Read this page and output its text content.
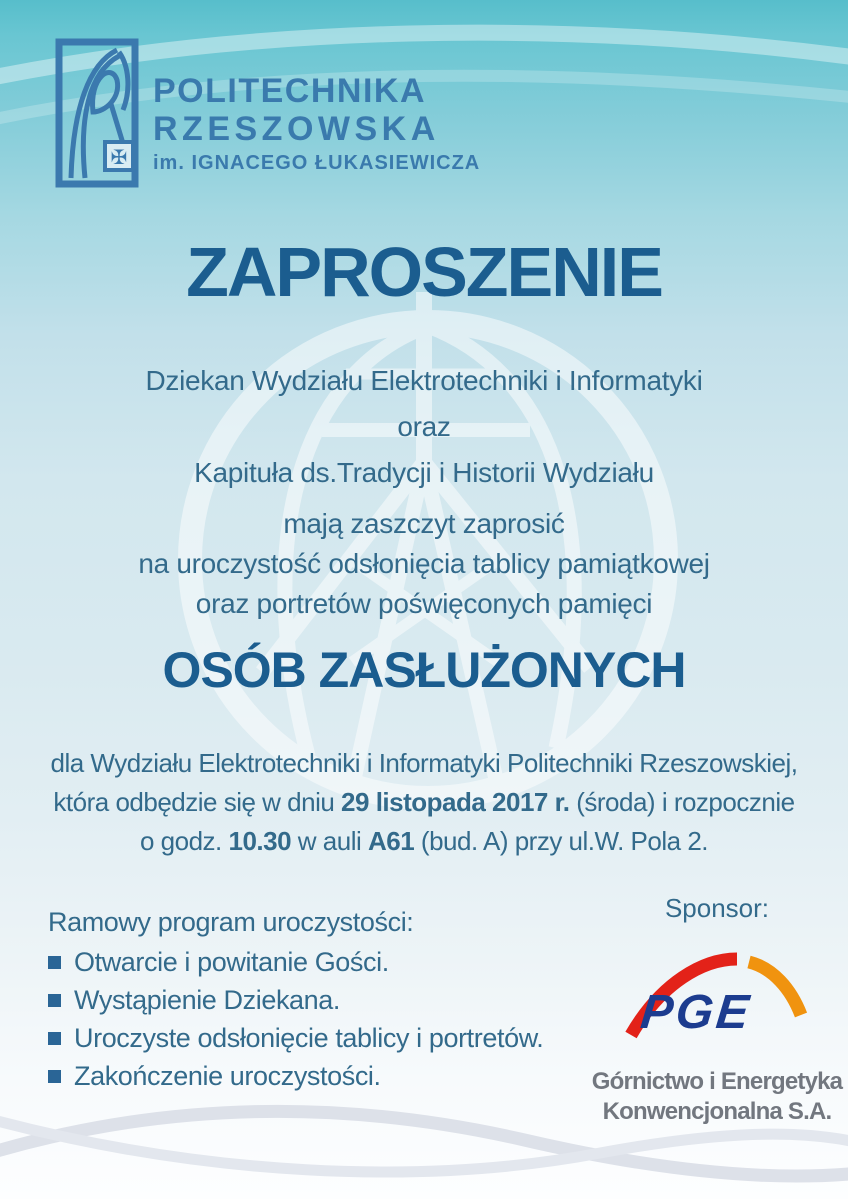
✠
POLITECHNIKA
RZESZOWSKA
im. IGNACEGO ŁUKASIEWICZA
ZAPROSZENIE
Dziekan Wydziału Elektrotechniki i Informatyki
oraz
Kapituła ds.Tradycji i Historii Wydziału
mają zaszczyt zaprosić
na uroczystość odsłonięcia tablicy pamiątkowej
oraz portretów poświęconych pamięci
OSÓB ZASŁUŻONYCH
dla Wydziału Elektrotechniki i Informatyki Politechniki Rzeszowskiej,
która odbędzie się w dniu 29 listopada 2017 r. (środa) i rozpocznie
o godz. 10.30 w auli A61 (bud. A) przy ul.W. Pola 2.
Ramowy program uroczystości:
Otwarcie i powitanie Gości.
Wystąpienie Dziekana.
Uroczyste odsłonięcie tablicy i portretów.
Zakończenie uroczystości.
Sponsor:
PGE
Górnictwo i Energetyka
Konwencjonalna S.A.
